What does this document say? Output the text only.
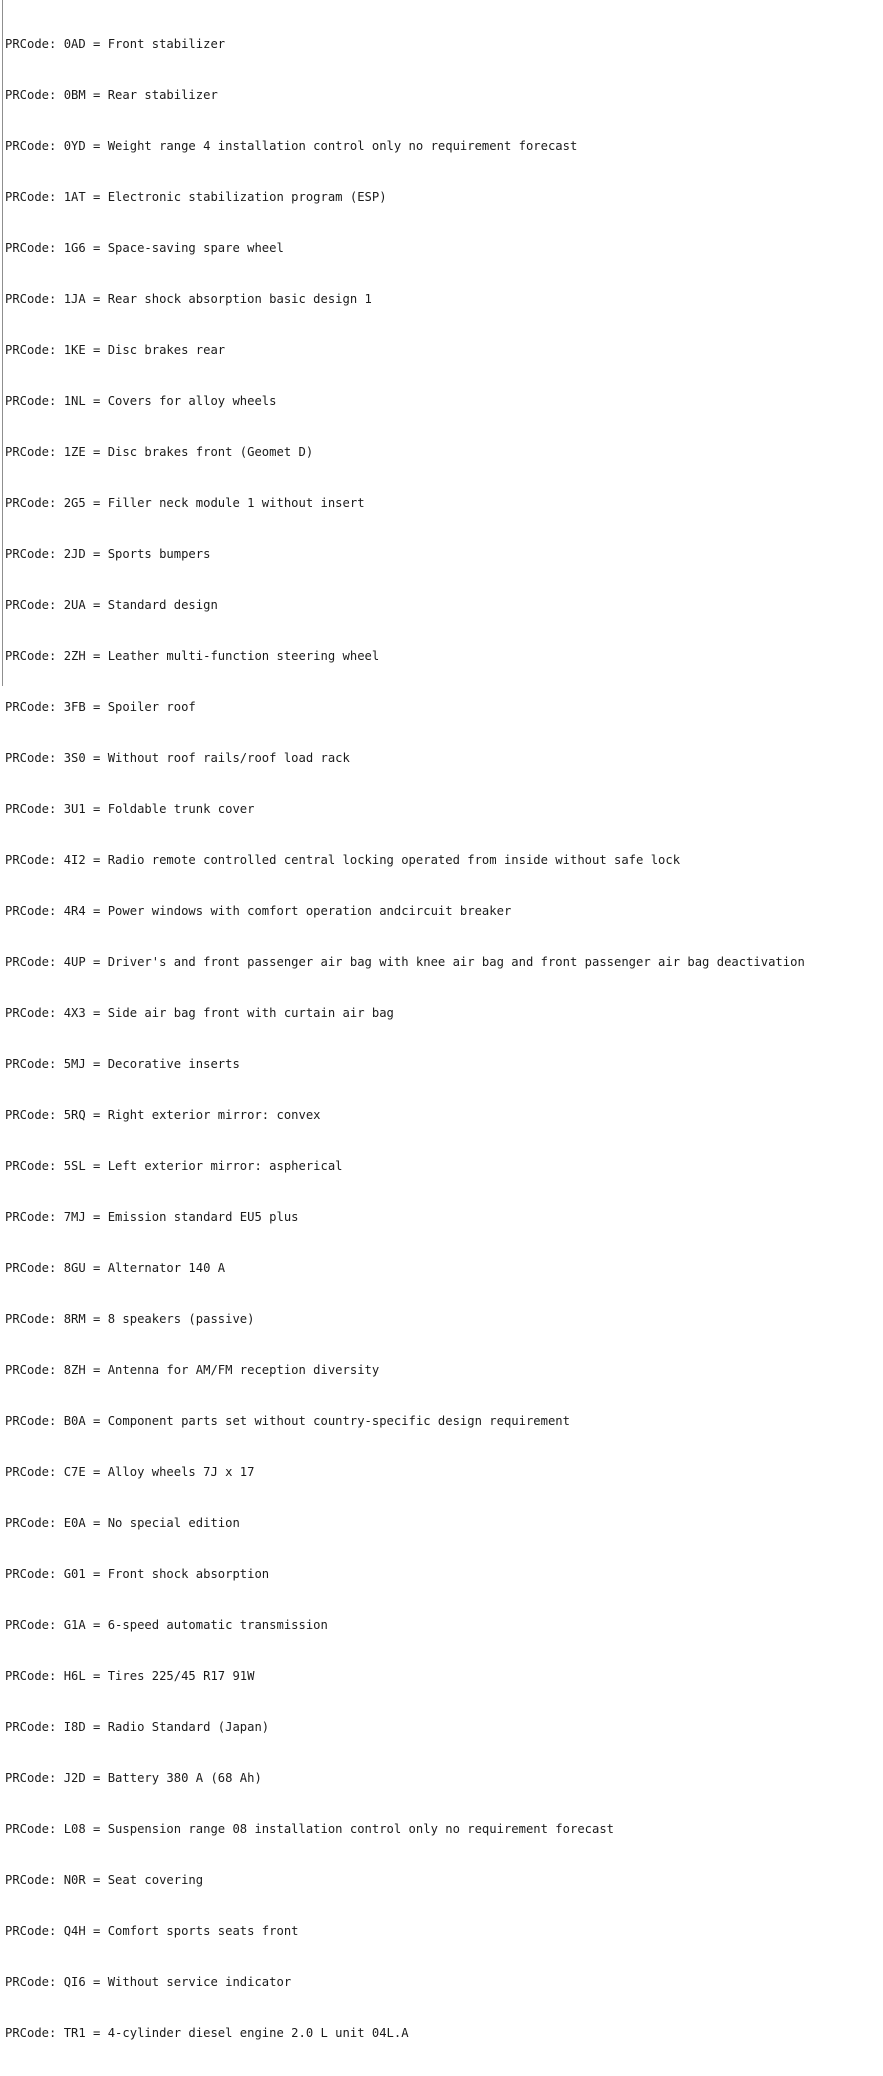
PRCode: 0AD = Front stabilizer

PRCode: 0BM = Rear stabilizer

PRCode: 0YD = Weight range 4 installation control only no requirement forecast

PRCode: 1AT = Electronic stabilization program (ESP)

PRCode: 1G6 = Space-saving spare wheel

PRCode: 1JA = Rear shock absorption basic design 1

PRCode: 1KE = Disc brakes rear

PRCode: 1NL = Covers for alloy wheels

PRCode: 1ZE = Disc brakes front (Geomet D)

PRCode: 2G5 = Filler neck module 1 without insert

PRCode: 2JD = Sports bumpers

PRCode: 2UA = Standard design

PRCode: 2ZH = Leather multi-function steering wheel

PRCode: 3FB = Spoiler roof

PRCode: 3S0 = Without roof rails/roof load rack

PRCode: 3U1 = Foldable trunk cover

PRCode: 4I2 = Radio remote controlled central locking operated from inside without safe lock

PRCode: 4R4 = Power windows with comfort operation andcircuit breaker

PRCode: 4UP = Driver's and front passenger air bag with knee air bag and front passenger air bag deactivation

PRCode: 4X3 = Side air bag front with curtain air bag

PRCode: 5MJ = Decorative inserts

PRCode: 5RQ = Right exterior mirror: convex

PRCode: 5SL = Left exterior mirror: aspherical

PRCode: 7MJ = Emission standard EU5 plus

PRCode: 8GU = Alternator 140 A

PRCode: 8RM = 8 speakers (passive)

PRCode: 8ZH = Antenna for AM/FM reception diversity

PRCode: B0A = Component parts set without country-specific design requirement

PRCode: C7E = Alloy wheels 7J x 17

PRCode: E0A = No special edition

PRCode: G01 = Front shock absorption

PRCode: G1A = 6-speed automatic transmission

PRCode: H6L = Tires 225/45 R17 91W

PRCode: I8D = Radio Standard (Japan)

PRCode: J2D = Battery 380 A (68 Ah)

PRCode: L08 = Suspension range 08 installation control only no requirement forecast

PRCode: N0R = Seat covering

PRCode: Q4H = Comfort sports seats front

PRCode: QI6 = Without service indicator

PRCode: TR1 = 4-cylinder diesel engine 2.0 L unit 04L.A
